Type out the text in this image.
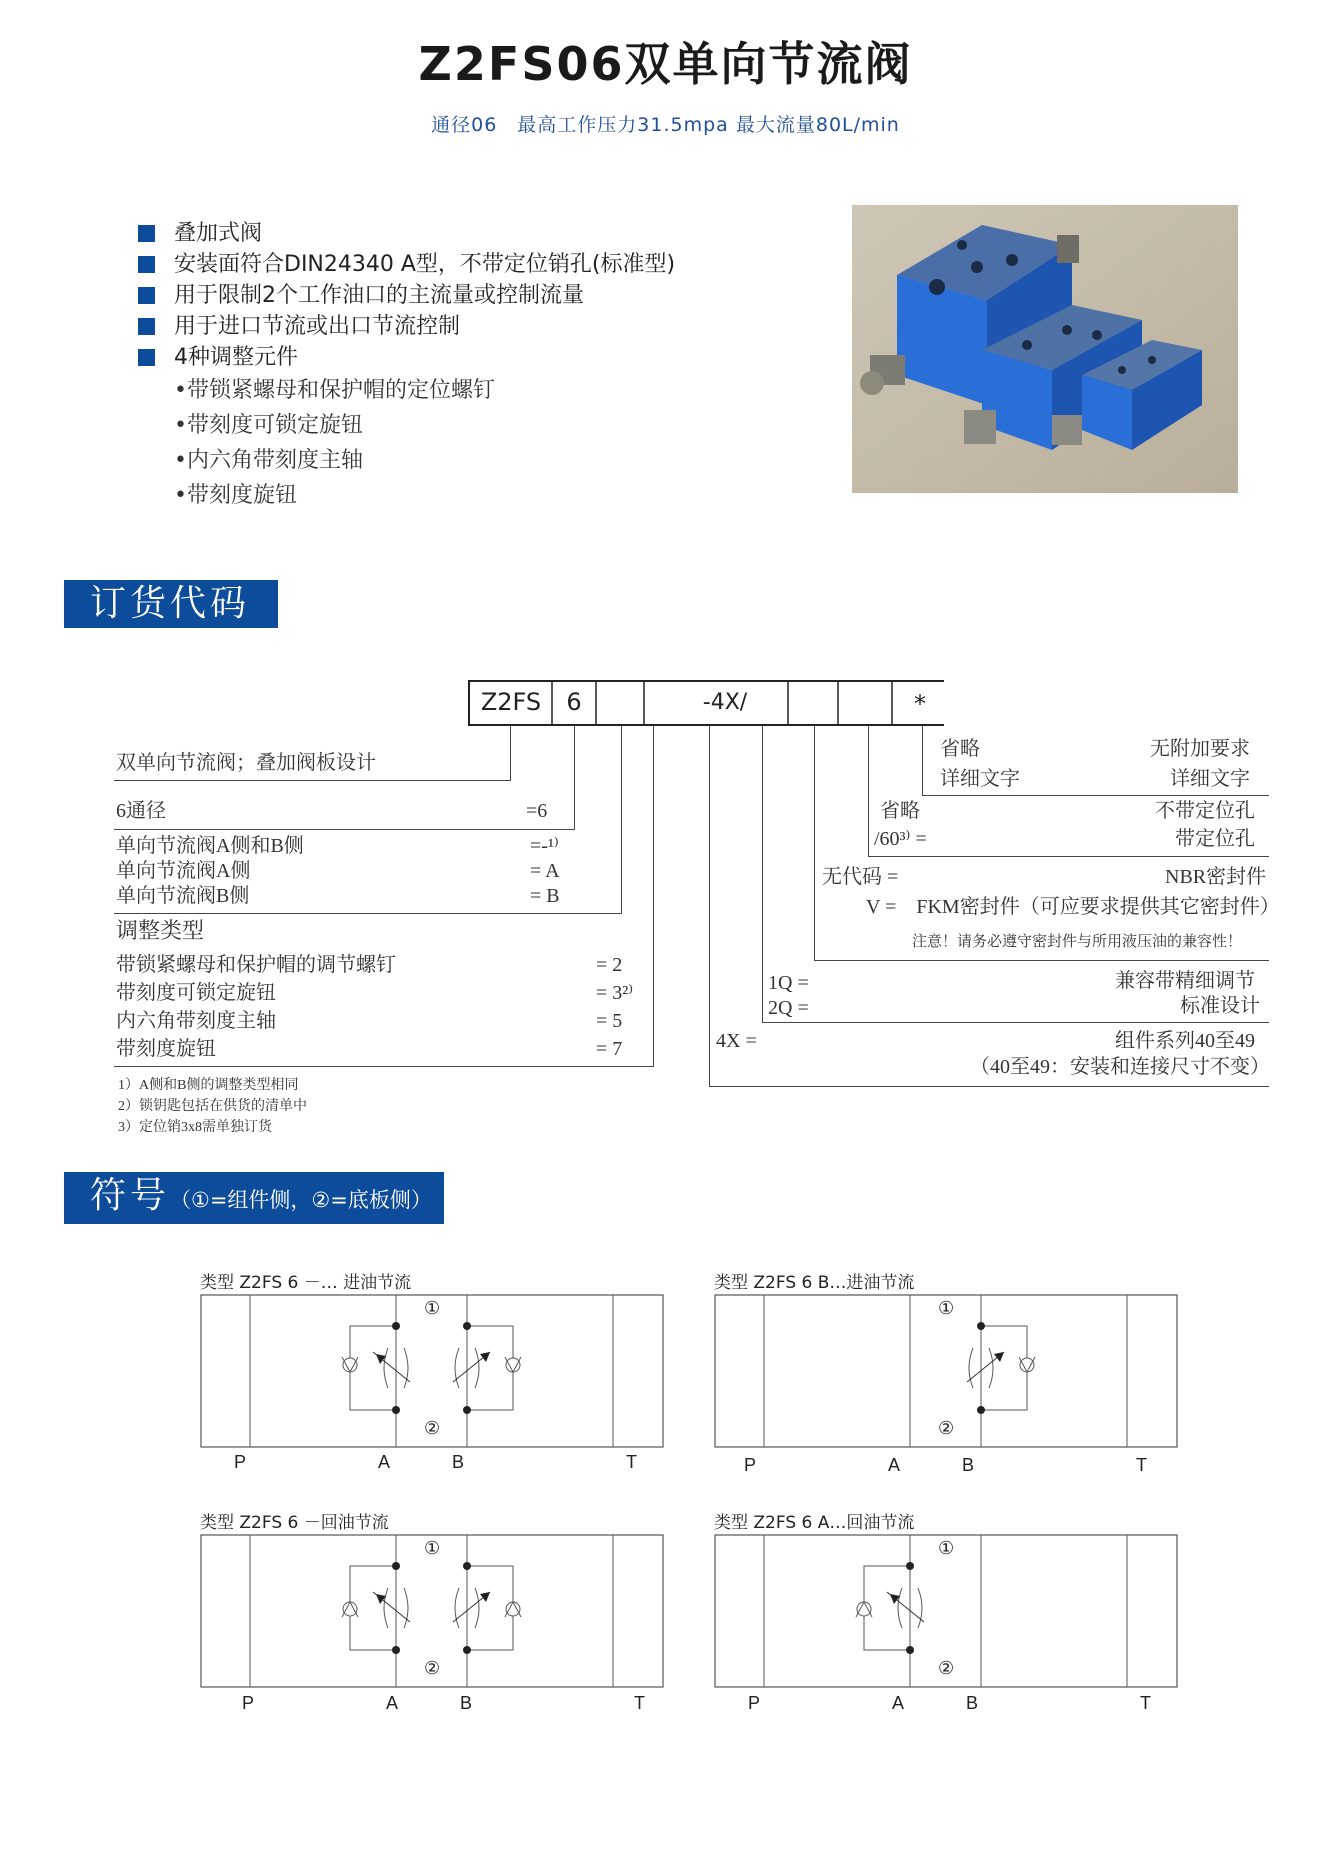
Z2FS06双单向节流阀
通径06　最高工作压力31.5mpa 最大流量80L/min
叠加式阀
安装面符合DIN24340 A型，不带定位销孔(标准型)
用于限制2个工作油口的主流量或控制流量
用于进口节流或出口节流控制
4种调整元件
•带锁紧螺母和保护帽的定位螺钉
•带刻度可锁定旋钮
•内六角带刻度主轴
•带刻度旋钮
订货代码
Z2FS	6	-4X/	*
双单向节流阀；叠加阀板设计
6通径	=6
单向节流阀A侧和B侧	=-¹⁾
单向节流阀A侧	= A
单向节流阀B侧	= B
调整类型
带锁紧螺母和保护帽的调节螺钉	= 2
带刻度可锁定旋钮	= 3²⁾
内六角带刻度主轴	= 5
带刻度旋钮	= 7
省略	无附加要求
详细文字	详细文字
省略	不带定位孔
/60³⁾ =	带定位孔
无代码 =	NBR密封件
V =　FKM密封件（可应要求提供其它密封件）
注意！请务必遵守密封件与所用液压油的兼容性！
1Q =	兼容带精细调节
2Q =	标准设计
4X =	组件系列40至49
（40至49：安装和连接尺寸不变）
1）A侧和B侧的调整类型相同
2）锁钥匙包括在供货的清单中
3）定位销3x8需单独订货
符号（①=组件侧，②=底板侧）
类型 Z2FS 6 －… 进油节流	类型 Z2FS 6 B…进油节流
类型 Z2FS 6 －回油节流	类型 Z2FS 6 A…回油节流
①
②
P	A	B	T
①
②
P	A	B	T
①
②
P	A	B	T
①
②
P	A	B	T
